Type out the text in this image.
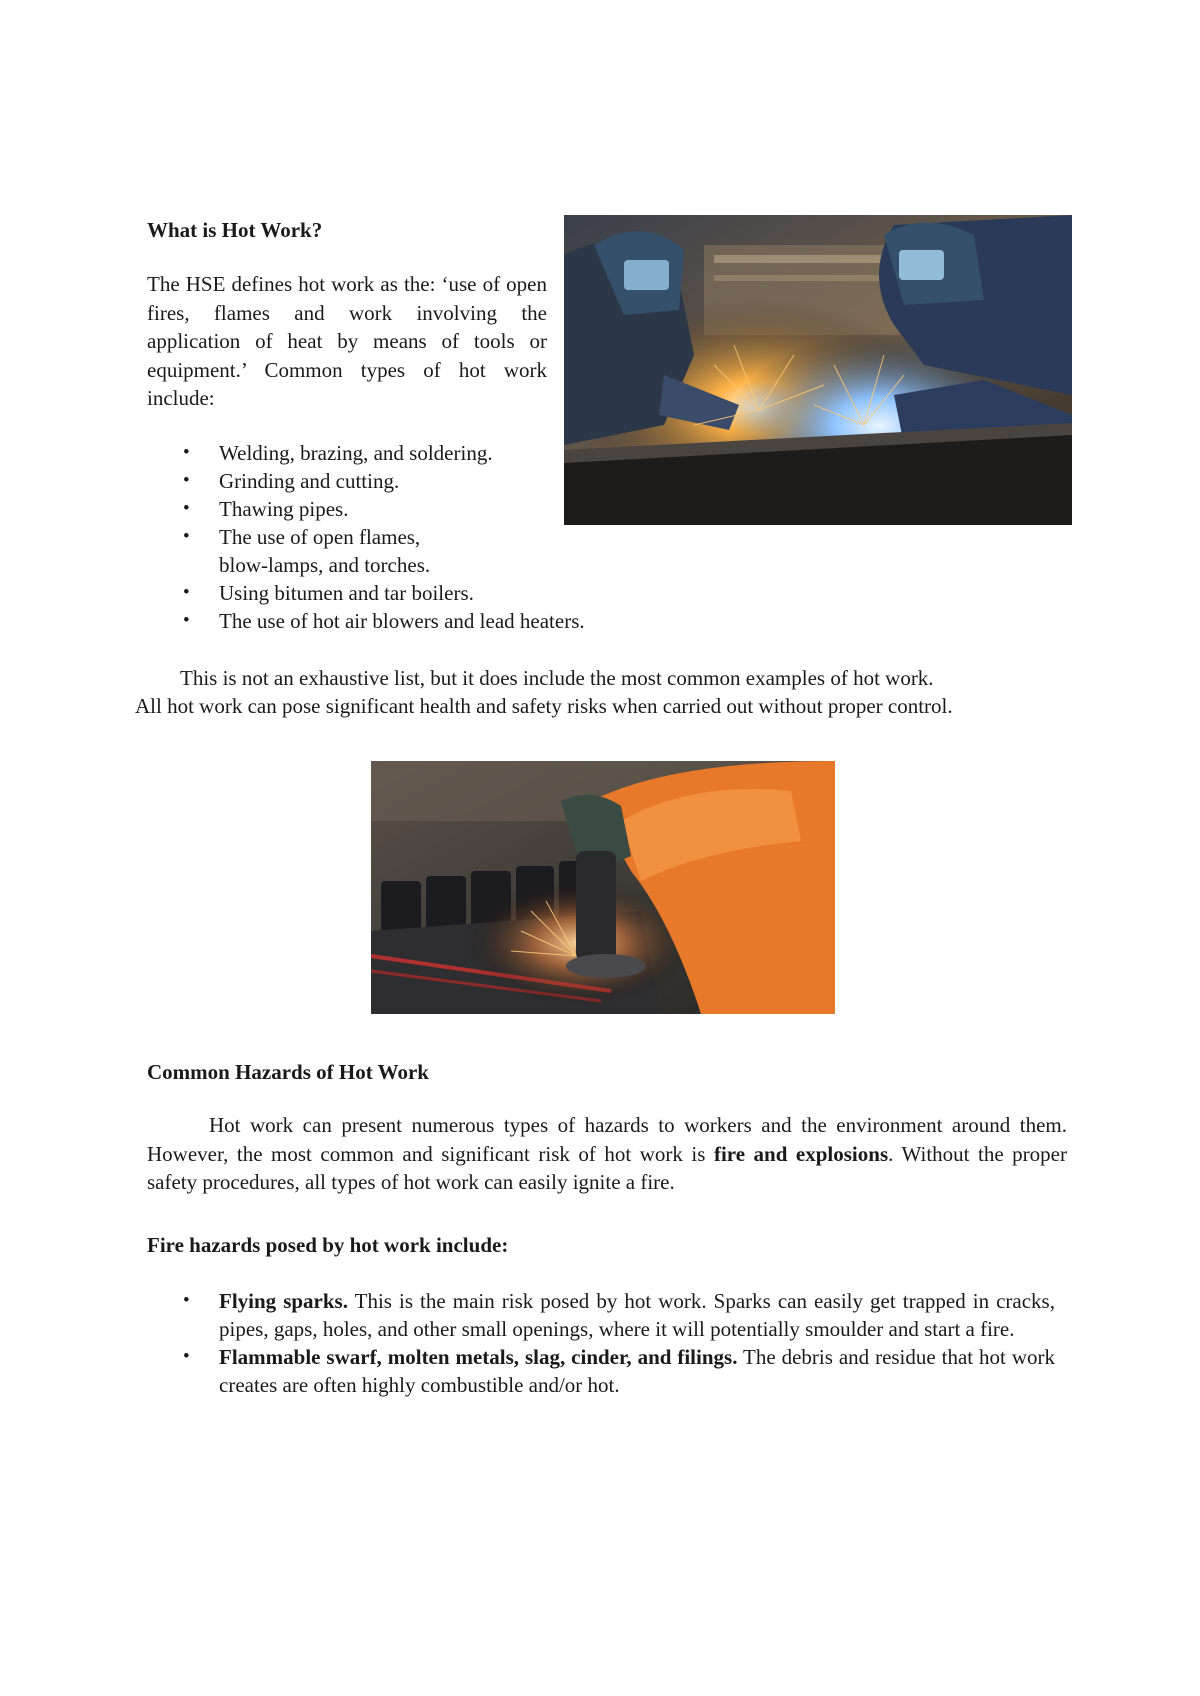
What is Hot Work?

The HSE defines hot work as the: ‘use of open fires, flames and work involving the application of heat by means of tools or equipment.’ Common types of hot work include:

• Welding, brazing, and soldering.
• Grinding and cutting.
• Thawing pipes.
• The use of open flames, blow-lamps, and torches.
• Using bitumen and tar boilers.
• The use of hot air blowers and lead heaters.

This is not an exhaustive list, but it does include the most common examples of hot work.

All hot work can pose significant health and safety risks when carried out without proper control.

Common Hazards of Hot Work

Hot work can present numerous types of hazards to workers and the environment around them. However, the most common and significant risk of hot work is fire and explosions. Without the proper safety procedures, all types of hot work can easily ignite a fire.

Fire hazards posed by hot work include:
• Flying sparks. This is the main risk posed by hot work. Sparks can easily get trapped in cracks, pipes, gaps, holes, and other small openings, where it will potentially smoulder and start a fire.
• Flammable swarf, molten metals, slag, cinder, and filings. The debris and residue that hot work creates are often highly combustible and/or hot.
